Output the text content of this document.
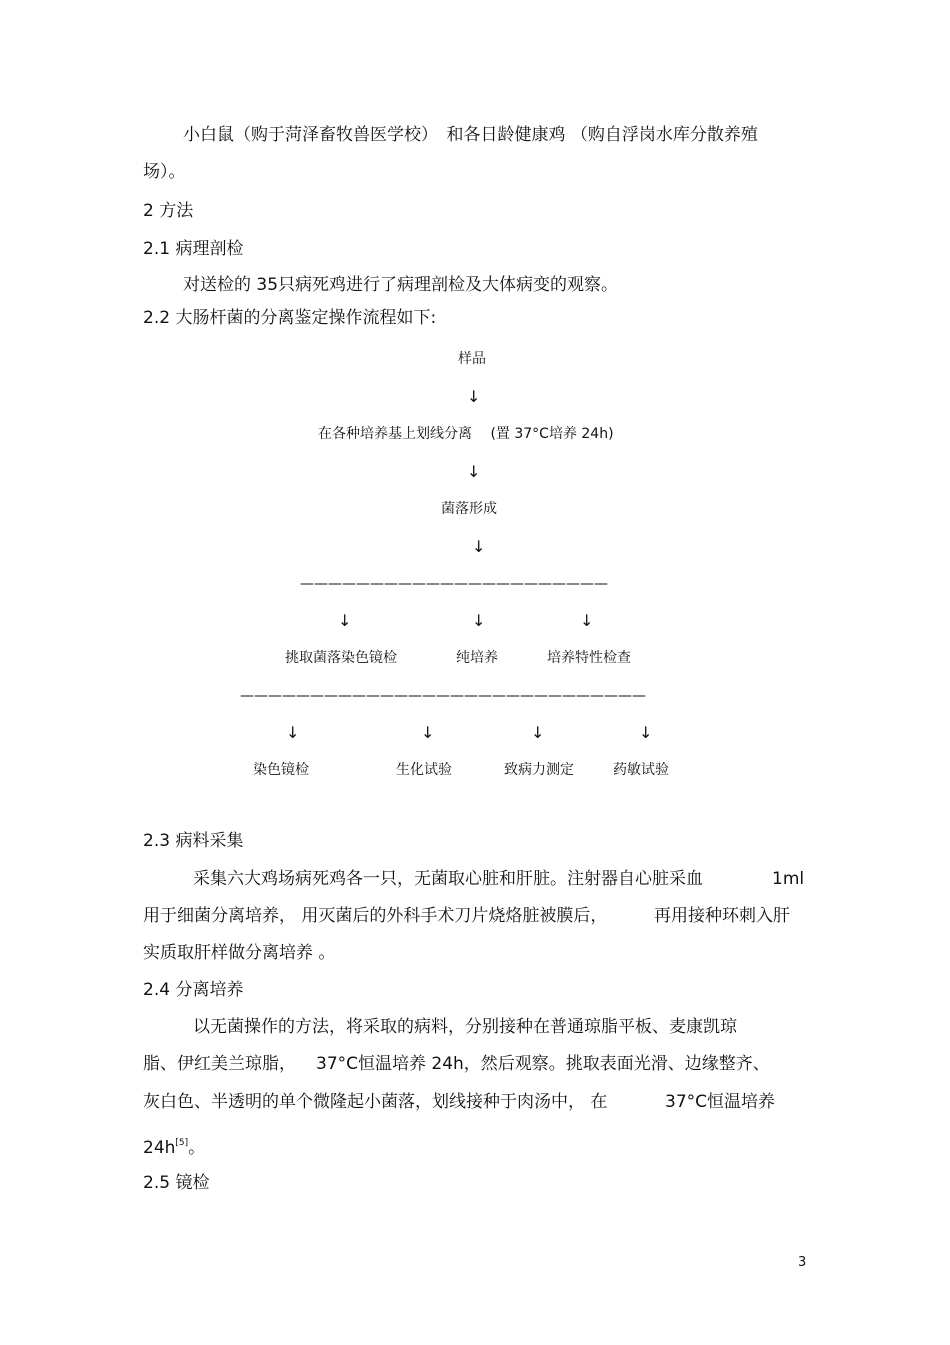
小白鼠（购于菏泽畜牧兽医学校）　和各日龄健康鸡 （购自浮岗水库分散养殖
场）。
2 方法
2.1 病理剖检
对送检的 35只病死鸡进行了病理剖检及大体病变的观察。
2.2 大肠杆菌的分离鉴定操作流程如下:
样品
↓
在各种培养基上划线分离　 (置 37°C培养 24h)
↓
菌落形成
↓
——————————————————————
↓	↓	↓
挑取菌落染色镜检	纯培养	培养特性检查
—————————————————————————————
↓	↓	↓	↓
染色镜检	生化试验	致病力测定	药敏试验
2.3 病料采集
采集六大鸡场病死鸡各一只，无菌取心脏和肝脏。注射器自心脏采血	1ml
用于细菌分离培养， 用灭菌后的外科手术刀片烧烙脏被膜后，	再用接种环刺入肝
实质取肝样做分离培养 。
2.4 分离培养
以无菌操作的方法，将采取的病料，分别接种在普通琼脂平板、麦康凯琼
脂、伊红美兰琼脂， 37°C恒温培养 24h，然后观察。挑取表面光滑、边缘整齐、
灰白色、半透明的单个微隆起小菌落，划线接种于肉汤中， 在	37°C恒温培养
24h[5]。
2.5 镜检
3
